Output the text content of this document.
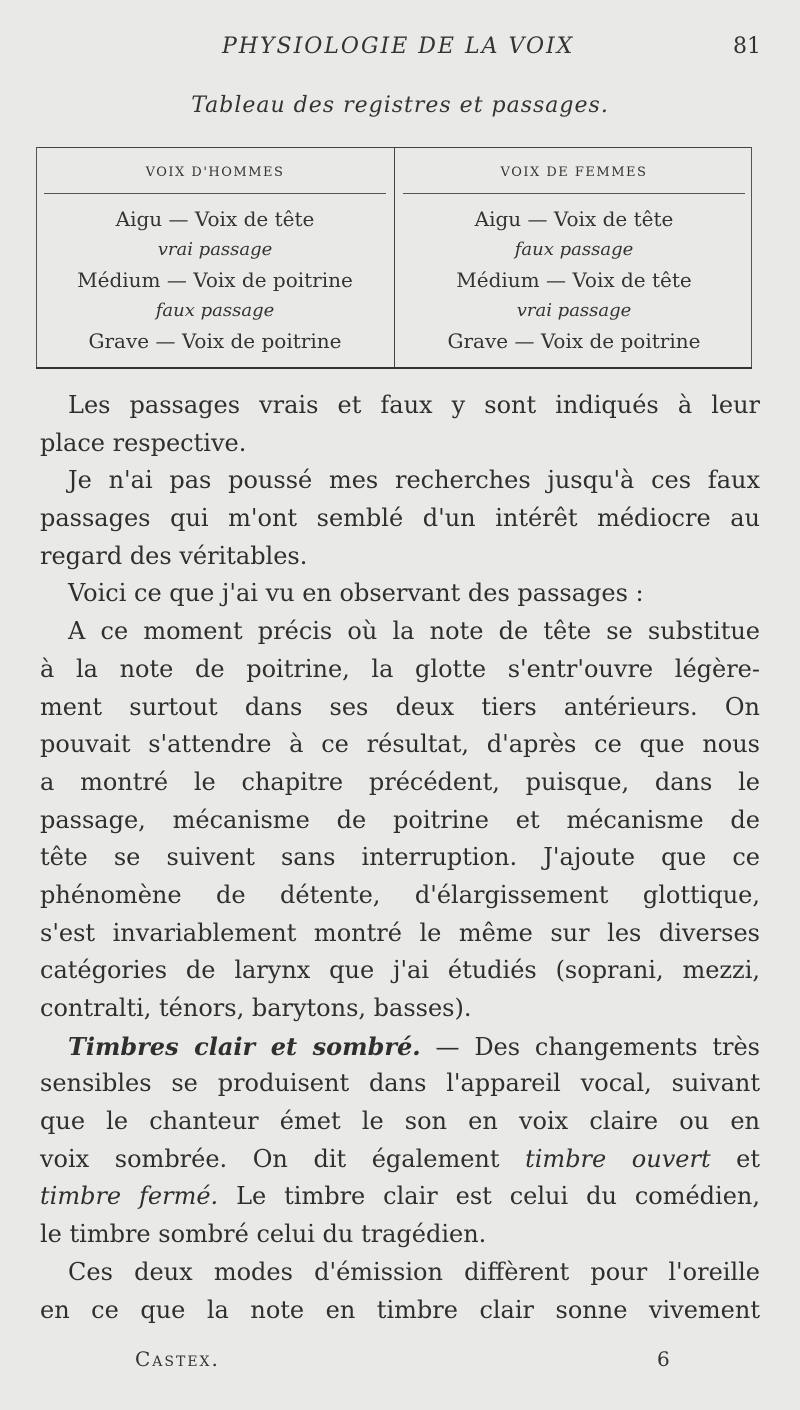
PHYSIOLOGIE DE LA VOIX	81
Tableau des registres et passages.
VOIX D'HOMMES
Aigu — Voix de tête
vrai passage
Médium — Voix de poitrine
faux passage
Grave — Voix de poitrine
VOIX DE FEMMES
Aigu — Voix de tête
faux passage
Médium — Voix de tête
vrai passage
Grave — Voix de poitrine
Les passages vrais et faux y sont indiqués à leur
place respective.
Je n'ai pas poussé mes recherches jusqu'à ces faux
passages qui m'ont semblé d'un intérêt médiocre au
regard des véritables.
Voici ce que j'ai vu en observant des passages :
A ce moment précis où la note de tête se substitue
à la note de poitrine, la glotte s'entr'ouvre légère-
ment surtout dans ses deux tiers antérieurs. On
pouvait s'attendre à ce résultat, d'après ce que nous
a montré le chapitre précédent, puisque, dans le
passage, mécanisme de poitrine et mécanisme de
tête se suivent sans interruption. J'ajoute que ce
phénomène de détente, d'élargissement glottique,
s'est invariablement montré le même sur les diverses
catégories de larynx que j'ai étudiés (soprani, mezzi,
contralti, ténors, barytons, basses).
Timbres clair et sombré. — Des changements très
sensibles se produisent dans l'appareil vocal, suivant
que le chanteur émet le son en voix claire ou en
voix sombrée. On dit également timbre ouvert et
timbre fermé. Le timbre clair est celui du comédien,
le timbre sombré celui du tragédien.
Ces deux modes d'émission diffèrent pour l'oreille
en ce que la note en timbre clair sonne vivement
Castex.	6
